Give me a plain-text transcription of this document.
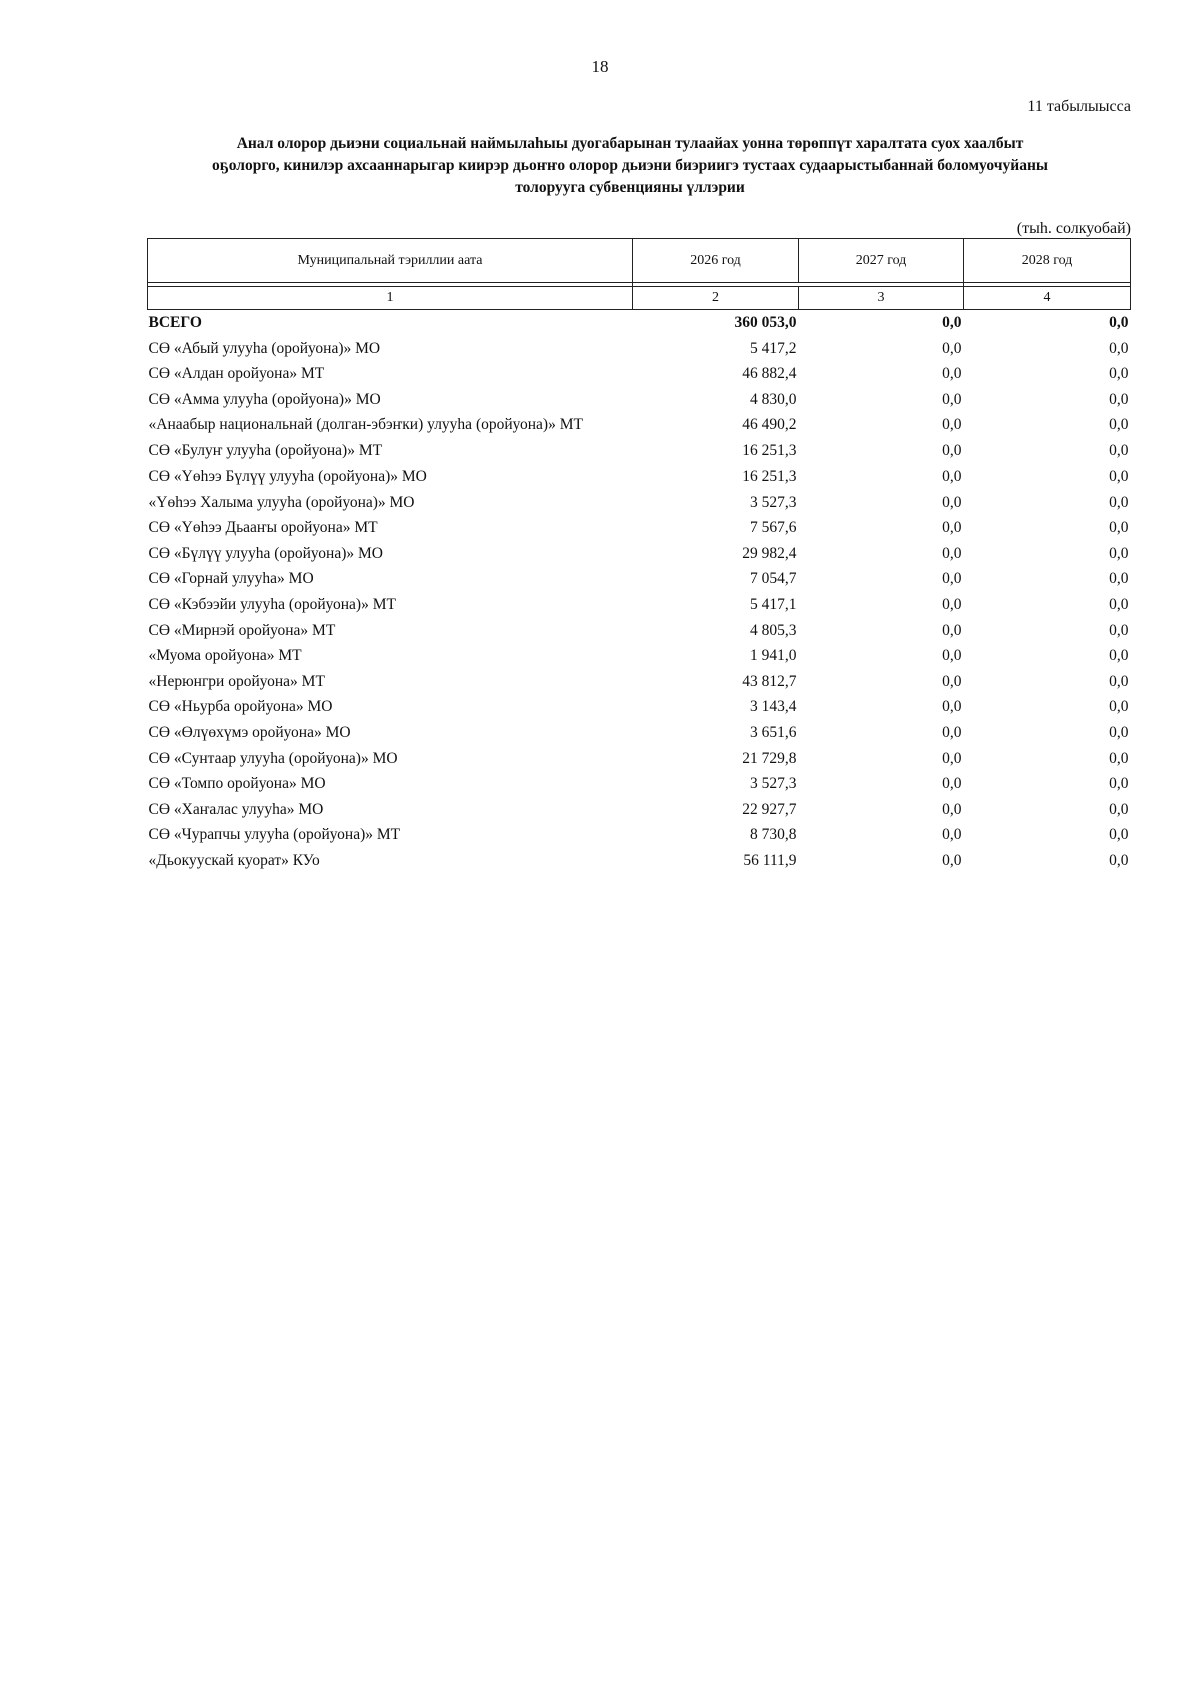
18
11 табылыысса
Анал олорор дьиэни социальнай наймылаһыы дуогабарынан тулаайах уонна төрөппүт харалтата суох хаалбыт
оҕолорго, кинилэр ахсааннарыгар киирэр дьоҥҥо олорор дьиэни биэриигэ тустаах судаарыстыбаннай боломуочуйаны
толорууга субвенцияны үллэрии
(тыһ. солкуобай)
Муниципальнай тэриллии аата	2026 год	2027 год	2028 год

1	2	3	4
ВСЕГО	360 053,0	0,0	0,0
СӨ «Абый улууһа (оройуона)» МО	5 417,2	0,0	0,0
СӨ «Алдан оройуона» МТ	46 882,4	0,0	0,0
СӨ «Амма улууһа (оройуона)» МО	4 830,0	0,0	0,0
«Анаабыр национальнай (долган-эбэҥки) улууһа (оройуона)» МТ	46 490,2	0,0	0,0
СӨ «Булуҥ улууһа (оройуона)» МТ	16 251,3	0,0	0,0
СӨ «Үөһээ Бүлүү улууһа (оройуона)» МО	16 251,3	0,0	0,0
«Үөһээ Халыма улууһа (оройуона)» МО	3 527,3	0,0	0,0
СӨ «Үөһээ Дьааҥы оройуона» МТ	7 567,6	0,0	0,0
СӨ «Бүлүү улууһа (оройуона)» МО	29 982,4	0,0	0,0
СӨ «Горнай улууһа» МО	7 054,7	0,0	0,0
СӨ «Кэбээйи улууһа (оройуона)» МТ	5 417,1	0,0	0,0
СӨ «Мирнэй оройуона» МТ	4 805,3	0,0	0,0
«Муома оройуона» МТ	1 941,0	0,0	0,0
«Нерюнгри оройуона» МТ	43 812,7	0,0	0,0
СӨ «Ньурба оройуона» МО	3 143,4	0,0	0,0
СӨ «Өлүөхүмэ оройуона» МО	3 651,6	0,0	0,0
СӨ «Сунтаар улууһа (оройуона)» МО	21 729,8	0,0	0,0
СӨ «Томпо оройуона» МО	3 527,3	0,0	0,0
СӨ «Хаҥалас улууһа» МО	22 927,7	0,0	0,0
СӨ «Чурапчы улууһа (оройуона)» МТ	8 730,8	0,0	0,0
«Дьокуускай куорат» КУо	56 111,9	0,0	0,0
